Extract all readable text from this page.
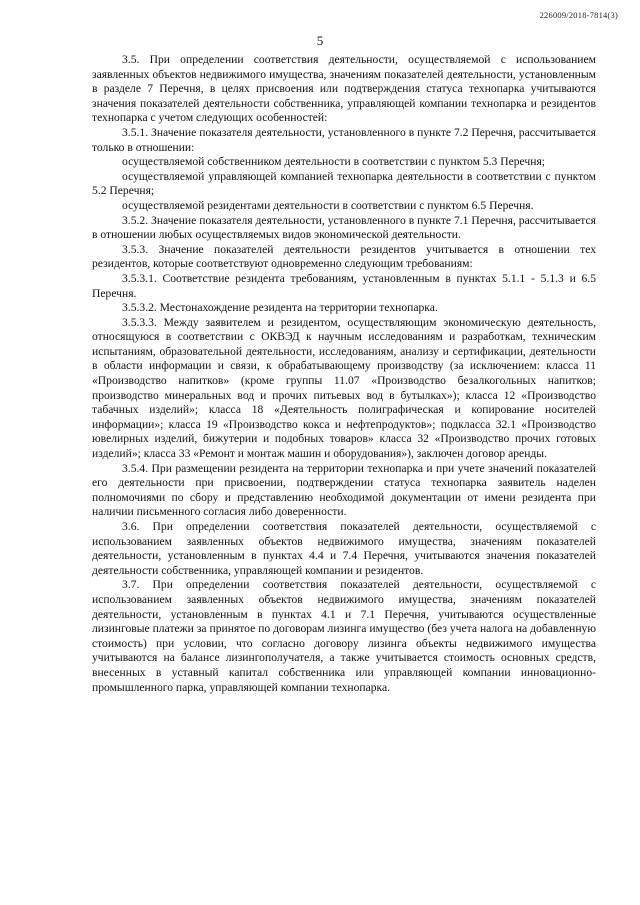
226009/2018-7814(3)
5

3.5. При определении соответствия деятельности, осуществляемой с использованием заявленных объектов недвижимого имущества, значениям показателей деятельности, установленным в разделе 7 Перечня, в целях присвоения или подтверждения статуса технопарка учитываются значения показателей деятельности собственника, управляющей компании технопарка и резидентов технопарка с учетом следующих особенностей:

3.5.1. Значение показателя деятельности, установленного в пункте 7.2 Перечня, рассчитывается только в отношении:

осуществляемой собственником деятельности в соответствии с пунктом 5.3 Перечня;

осуществляемой управляющей компанией технопарка деятельности в соответствии с пунктом 5.2 Перечня;

осуществляемой резидентами деятельности в соответствии с пунктом 6.5 Перечня.

3.5.2. Значение показателя деятельности, установленного в пункте 7.1 Перечня, рассчитывается в отношении любых осуществляемых видов экономической деятельности.

3.5.3. Значение показателей деятельности резидентов учитывается в отношении тех резидентов, которые соответствуют одновременно следующим требованиям:

3.5.3.1. Соответствие резидента требованиям, установленным в пунктах 5.1.1 - 5.1.3 и 6.5 Перечня.

3.5.3.2. Местонахождение резидента на территории технопарка.

3.5.3.3. Между заявителем и резидентом, осуществляющим экономическую деятельность, относящуюся в соответствии с ОКВЭД к научным исследованиям и разработкам, техническим испытаниям, образовательной деятельности, исследованиям, анализу и сертификации, деятельности в области информации и связи, к обрабатывающему производству (за исключением: класса 11 «Производство напитков» (кроме группы 11.07 «Производство безалкогольных напитков; производство минеральных вод и прочих питьевых вод в бутылках»); класса 12 «Производство табачных изделий»; класса 18 «Деятельность полиграфическая и копирование носителей информации»; класса 19 «Производство кокса и нефтепродуктов»; подкласса 32.1 «Производство ювелирных изделий, бижутерии и подобных товаров» класса 32 «Производство прочих готовых изделий»; класса 33 «Ремонт и монтаж машин и оборудования»), заключен договор аренды.

3.5.4. При размещении резидента на территории технопарка и при учете значений показателей его деятельности при присвоении, подтверждении статуса технопарка заявитель наделен полномочиями по сбору и представлению необходимой документации от имени резидента при наличии письменного согласия либо доверенности.

3.6. При определении соответствия показателей деятельности, осуществляемой с использованием заявленных объектов недвижимого имущества, значениям показателей деятельности, установленным в пунктах 4.4 и 7.4 Перечня, учитываются значения показателей деятельности собственника, управляющей компании и резидентов.

3.7. При определении соответствия показателей деятельности, осуществляемой с использованием заявленных объектов недвижимого имущества, значениям показателей деятельности, установленным в пунктах 4.1 и 7.1 Перечня, учитываются осуществленные лизинговые платежи за принятое по договорам лизинга имущество (без учета налога на добавленную стоимость) при условии, что согласно договору лизинга объекты недвижимого имущества учитываются на балансе лизингополучателя, а также учитывается стоимость основных средств, внесенных в уставный капитал собственника или управляющей компании инновационно-промышленного парка, управляющей компании технопарка.
